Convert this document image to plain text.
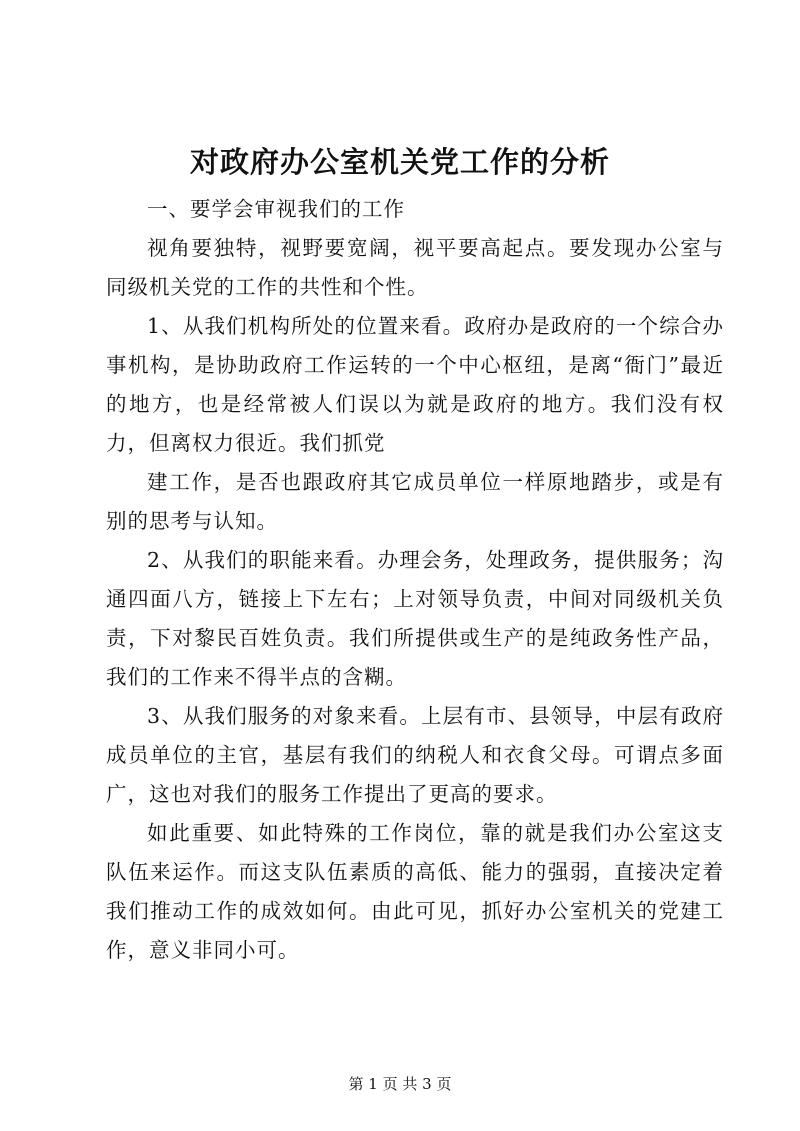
对政府办公室机关党工作的分析

一、要学会审视我们的工作

视角要独特，视野要宽阔，视平要高起点。要发现办公室与同级机关党的工作的共性和个性。

1、从我们机构所处的位置来看。政府办是政府的一个综合办事机构，是协助政府工作运转的一个中心枢纽，是离“衙门”最近的地方，也是经常被人们误以为就是政府的地方。我们没有权力，但离权力很近。我们抓党

建工作，是否也跟政府其它成员单位一样原地踏步，或是有别的思考与认知。

2、从我们的职能来看。办理会务，处理政务，提供服务；沟通四面八方，链接上下左右；上对领导负责，中间对同级机关负责，下对黎民百姓负责。我们所提供或生产的是纯政务性产品，我们的工作来不得半点的含糊。

3、从我们服务的对象来看。上层有市、县领导，中层有政府成员单位的主官，基层有我们的纳税人和衣食父母。可谓点多面广，这也对我们的服务工作提出了更高的要求。

如此重要、如此特殊的工作岗位，靠的就是我们办公室这支队伍来运作。而这支队伍素质的高低、能力的强弱，直接决定着我们推动工作的成效如何。由此可见，抓好办公室机关的党建工作，意义非同小可。

第 1 页 共 3 页
